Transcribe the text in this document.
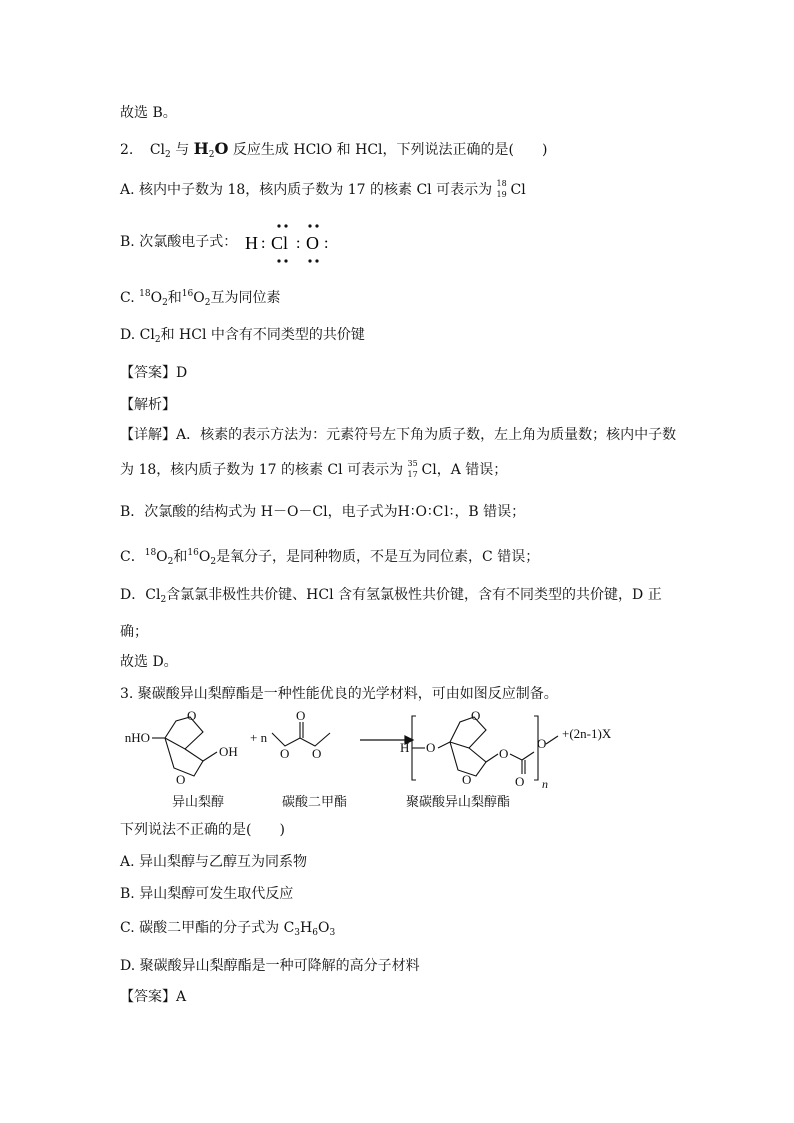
故选 B。
2. $Cl_2$ 与 $H_2O$ 反应生成 HClO 和 HCl，下列说法正确的是(　　)
A. 核内中子数为 18，核内质子数为 17 的核素 Cl 可表示为 18
19 Cl
B. 次氯酸电子式： H : Cl : O :
C. $^{18}O_2$和$^{16}O_2$互为同位素
D. $Cl_2$和 HCl 中含有不同类型的共价键
【答案】D
【解析】
【详解】A．核素的表示方法为：元素符号左下角为质子数，左上角为质量数；核内中子数
为 18，核内质子数为 17 的核素 Cl 可表示为 35
17 Cl，A 错误；
B．次氯酸的结构式为 H－O－Cl，电子式为H∶O∶Cl∶，B 错误；
C．$^{18}O_2$和$^{16}O_2$是氧分子，是同种物质，不是互为同位素，C 错误；
D．$Cl_2$含氯氯非极性共价键、HCl 含有氢氯极性共价键，含有不同类型的共价键，D 正
确；
故选 D。
3. 聚碳酸异山梨醇酯是一种性能优良的光学材料，可由如图反应制备。
nHO
O
O
OH
+ n
O
O O	H O
O
O
O
O
O
n
+(2n-1)X
异山梨醇	碳酸二甲酯	聚碳酸异山梨醇酯
下列说法不正确的是(　　)
A. 异山梨醇与乙醇互为同系物
B. 异山梨醇可发生取代反应
C. 碳酸二甲酯的分子式为 $C_3H_6O_3$
D. 聚碳酸异山梨醇酯是一种可降解的高分子材料
【答案】A
